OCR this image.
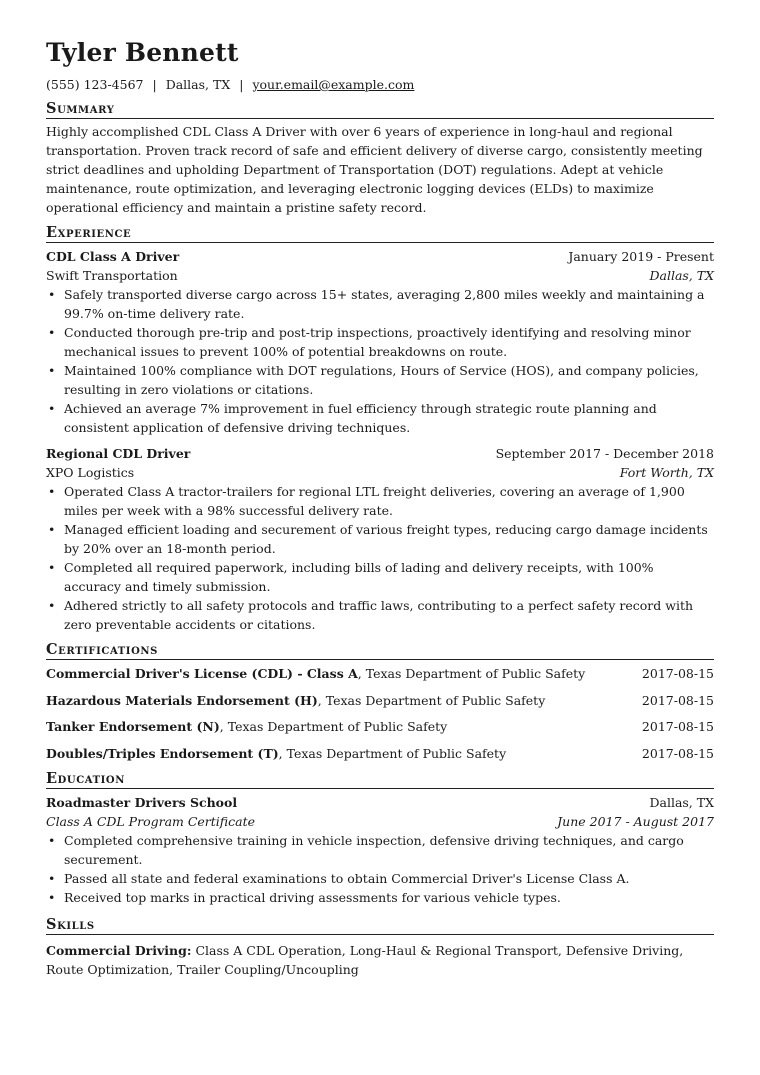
Tyler Bennett
(555) 123-4567 | Dallas, TX | your.email@example.com
Summary

Highly accomplished CDL Class A Driver with over 6 years of experience in long-haul and regional transportation. Proven track record of safe and efficient delivery of diverse cargo, consistently meeting strict deadlines and upholding Department of Transportation (DOT) regulations. Adept at vehicle maintenance, route optimization, and leveraging electronic logging devices (ELDs) to maximize operational efficiency and maintain a pristine safety record.

Experience
CDL Class A Driver	January 2019 - Present
Swift Transportation	Dallas, TX
• Safely transported diverse cargo across 15+ states, averaging 2,800 miles weekly and maintaining a 99.7% on-time delivery rate.
• Conducted thorough pre-trip and post-trip inspections, proactively identifying and resolving minor mechanical issues to prevent 100% of potential breakdowns on route.
• Maintained 100% compliance with DOT regulations, Hours of Service (HOS), and company policies, resulting in zero violations or citations.
• Achieved an average 7% improvement in fuel efficiency through strategic route planning and consistent application of defensive driving techniques.
Regional CDL Driver	September 2017 - December 2018
XPO Logistics	Fort Worth, TX
• Operated Class A tractor-trailers for regional LTL freight deliveries, covering an average of 1,900 miles per week with a 98% successful delivery rate.
• Managed efficient loading and securement of various freight types, reducing cargo damage incidents by 20% over an 18-month period.
• Completed all required paperwork, including bills of lading and delivery receipts, with 100% accuracy and timely submission.
• Adhered strictly to all safety protocols and traffic laws, contributing to a perfect safety record with zero preventable accidents or citations.
Certifications
Commercial Driver's License (CDL) - Class A, Texas Department of Public Safety	2017-08-15
Hazardous Materials Endorsement (H), Texas Department of Public Safety	2017-08-15
Tanker Endorsement (N), Texas Department of Public Safety	2017-08-15
Doubles/Triples Endorsement (T), Texas Department of Public Safety	2017-08-15
Education
Roadmaster Drivers School	Dallas, TX
Class A CDL Program Certificate	June 2017 - August 2017
• Completed comprehensive training in vehicle inspection, defensive driving techniques, and cargo securement.
• Passed all state and federal examinations to obtain Commercial Driver's License Class A.
• Received top marks in practical driving assessments for various vehicle types.
Skills
Commercial Driving: Class A CDL Operation, Long-Haul & Regional Transport, Defensive Driving, Route Optimization, Trailer Coupling/Uncoupling
